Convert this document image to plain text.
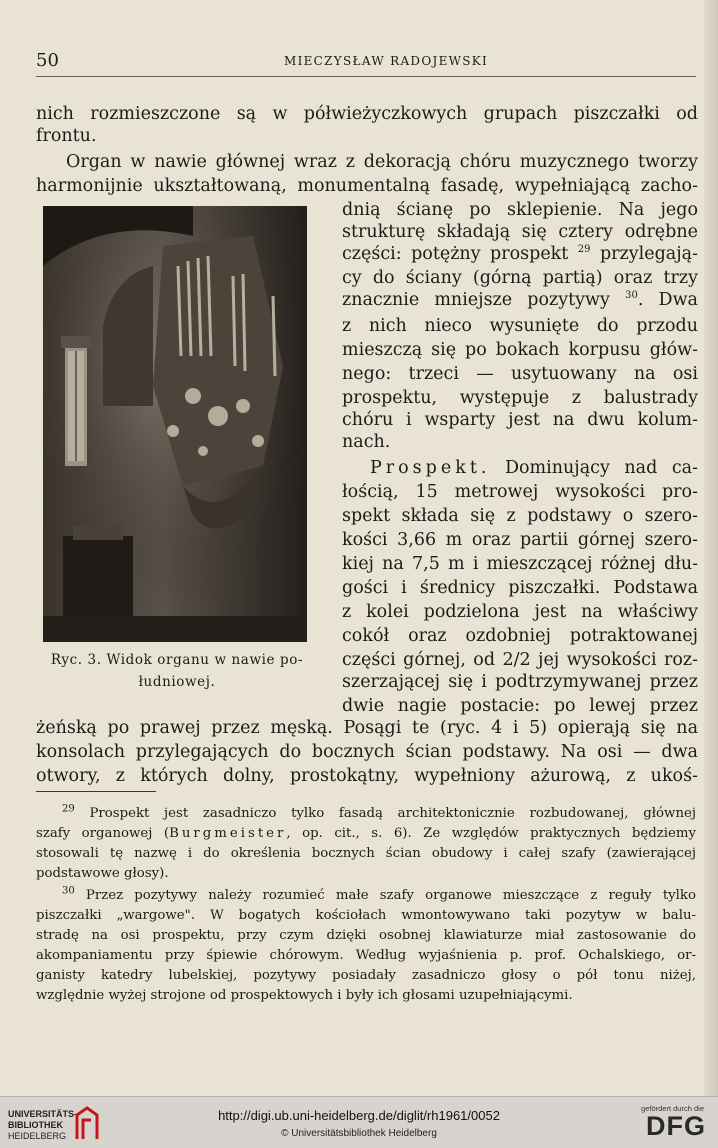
50	MIECZYSŁAW RADOJEWSKI
nich rozmieszczone są w półwieżyczkowych grupach piszczałki od
frontu.
Organ w nawie głównej wraz z dekoracją chóru muzycznego tworzy
harmonijnie ukształtowaną, monumentalną fasadę, wypełniającą zacho-
Ryc. 3. Widok organu w nawie po-
łudniowej.
dnią ścianę po sklepienie. Na jego
strukturę składają się cztery odrębne
części: potężny prospekt $^{29}$ przylegają-
cy do ściany (górną partią) oraz trzy
znacznie mniejsze pozytywy $^{30}$. Dwa
z nich nieco wysunięte do przodu
mieszczą się po bokach korpusu głów-
nego: trzeci — usytuowany na osi
prospektu, występuje z balustrady
chóru i wsparty jest na dwu kolum-
nach.
Prospekt. Dominujący nad ca-
łością, 15 metrowej wysokości pro-
spekt składa się z podstawy o szero-
kości 3,66 m oraz partii górnej szero-
kiej na 7,5 m i mieszczącej różnej dłu-
gości i średnicy piszczałki. Podstawa
z kolei podzielona jest na właściwy
cokół oraz ozdobniej potraktowanej
części górnej, od 2/2 jej wysokości roz-
szerzającej się i podtrzymywanej przez
dwie nagie postacie: po lewej przez
żeńską po prawej przez męską. Posągi te (ryc. 4 i 5) opierają się na
konsolach przylegających do bocznych ścian podstawy. Na osi — dwa
otwory, z których dolny, prostokątny, wypełniony ażurową, z ukoś-
$^{29}$ Prospekt jest zasadniczo tylko fasadą architektonicznie rozbudowanej, głównej
szafy organowej (Burgmeister, op. cit., s. 6). Ze względów praktycznych będziemy
stosowali tę nazwę i do określenia bocznych ścian obudowy i całej szafy (zawierającej
podstawowe głosy).
$^{30}$ Przez pozytywy należy rozumieć małe szafy organowe mieszczące z reguły tylko
piszczałki „wargowe". W bogatych kościołach wmontowywano taki pozytyw w balu-
stradę na osi prospektu, przy czym dzięki osobnej klawiaturze miał zastosowanie do
akompaniamentu przy śpiewie chórowym. Według wyjaśnienia p. prof. Ochalskiego, or-
ganisty katedry lubelskiej, pozytywy posiadały zasadniczo głosy o pół tonu niżej,
względnie wyżej strojone od prospektowych i były ich głosami uzupełniającymi.
UNIVERSITÄTS-
BIBLIOTHEK
HEIDELBERG
http://digi.ub.uni-heidelberg.de/diglit/rh1961/0052
© Universitätsbibliothek Heidelberg
gefördert durch die
DFG
